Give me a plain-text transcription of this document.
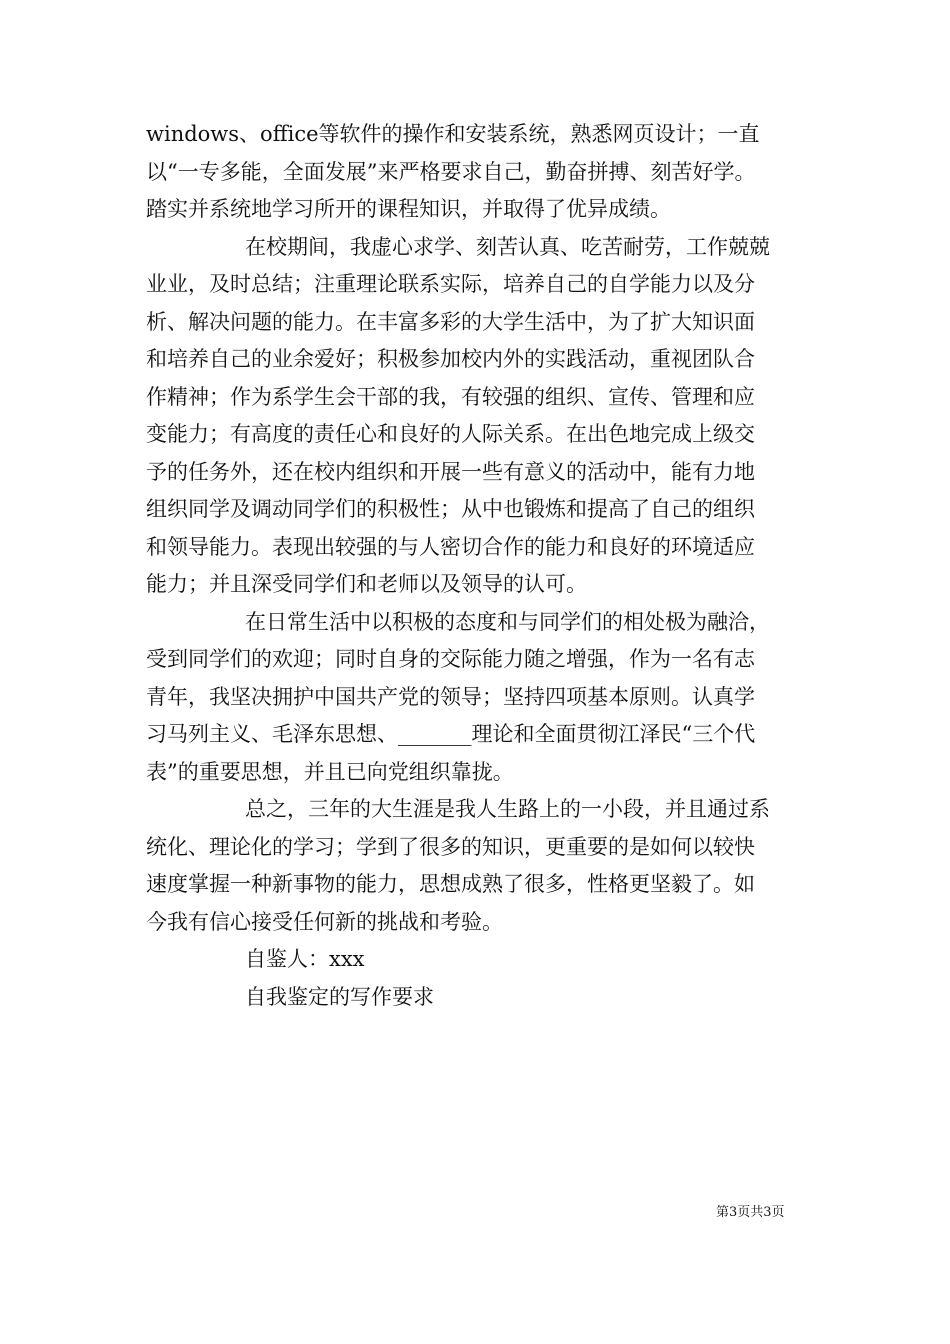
windows、office等软件的操作和安装系统，熟悉网页设计；一直
以“一专多能，全面发展”来严格要求自己，勤奋拼搏、刻苦好学。
踏实并系统地学习所开的课程知识，并取得了优异成绩。
在校期间，我虚心求学、刻苦认真、吃苦耐劳，工作兢兢
业业，及时总结；注重理论联系实际，培养自己的自学能力以及分
析、解决问题的能力。在丰富多彩的大学生活中，为了扩大知识面
和培养自己的业余爱好；积极参加校内外的实践活动，重视团队合
作精神；作为系学生会干部的我，有较强的组织、宣传、管理和应
变能力；有高度的责任心和良好的人际关系。在出色地完成上级交
予的任务外，还在校内组织和开展一些有意义的活动中，能有力地
组织同学及调动同学们的积极性；从中也锻炼和提高了自己的组织
和领导能力。表现出较强的与人密切合作的能力和良好的环境适应
能力；并且深受同学们和老师以及领导的认可。
在日常生活中以积极的态度和与同学们的相处极为融洽，
受到同学们的欢迎；同时自身的交际能力随之增强，作为一名有志
青年，我坚决拥护中国共产党的领导；坚持四项基本原则。认真学
习马列主义、毛泽东思想、_______理论和全面贯彻江泽民“三个代
表”的重要思想，并且已向党组织靠拢。
总之，三年的大生涯是我人生路上的一小段，并且通过系
统化、理论化的学习；学到了很多的知识，更重要的是如何以较快
速度掌握一种新事物的能力，思想成熟了很多，性格更坚毅了。如
今我有信心接受任何新的挑战和考验。
自鉴人：xxx
自我鉴定的写作要求
第3页共3页
